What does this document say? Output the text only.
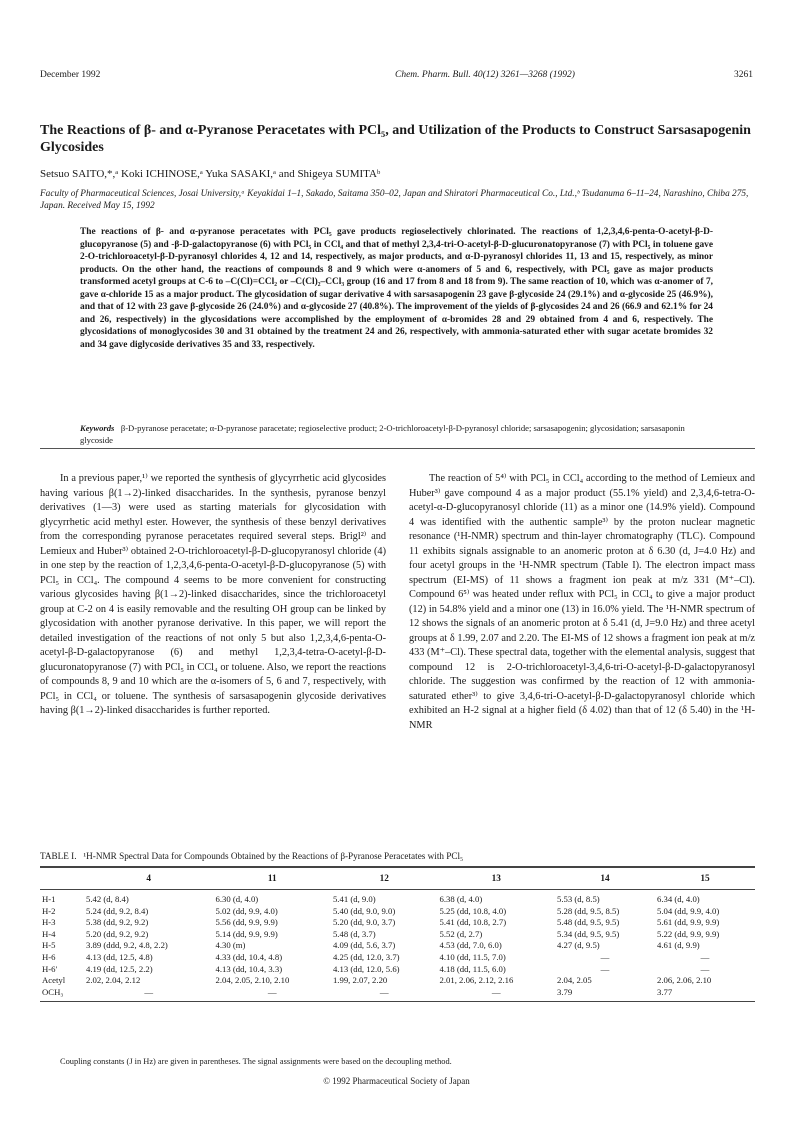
December 1992	Chem. Pharm. Bull. 40(12) 3261—3268 (1992)	3261
The Reactions of β- and α-Pyranose Peracetates with PCl₅, and Utilization of the Products to Construct Sarsasapogenin Glycosides
Setsuo SAITO,*,ᵃ Koki ICHINOSE,ᵃ Yuka SASAKI,ᵃ and Shigeya SUMITAᵇ
Faculty of Pharmaceutical Sciences, Josai University,ᵃ Keyakidai 1–1, Sakado, Saitama 350–02, Japan and Shiratori Pharmaceutical Co., Ltd.,ᵇ Tsudanuma 6–11–24, Narashino, Chiba 275, Japan. Received May 15, 1992
The reactions of β- and α-pyranose peracetates with PCl₅ gave products regioselectively chlorinated. The reactions of 1,2,3,4,6-penta-O-acetyl-β-D-glucopyranose (5) and -β-D-galactopyranose (6) with PCl₅ in CCl₄ and that of methyl 2,3,4-tri-O-acetyl-β-D-glucuronatopyranose (7) with PCl₅ in toluene gave 2-O-trichloroacetyl-β-D-pyranosyl chlorides 4, 12 and 14, respectively, as major products, and α-D-pyranosyl chlorides 11, 13 and 15, respectively, as minor products. On the other hand, the reactions of compounds 8 and 9 which were α-anomers of 5 and 6, respectively, with PCl₅ gave as major products transformed acetyl groups at C-6 to –C(Cl)=CCl₂ or –C(Cl)₂–CCl₃ group (16 and 17 from 8 and 18 from 9). The same reaction of 10, which was α-anomer of 7, gave α-chloride 15 as a major product. The glycosidation of sugar derivative 4 with sarsasapogenin 23 gave β-glycoside 24 (29.1%) and α-glycoside 25 (46.9%), and that of 12 with 23 gave β-glycoside 26 (24.0%) and α-glycoside 27 (40.8%). The improvement of the yields of β-glycosides 24 and 26 (66.9 and 62.1% for 24 and 26, respectively) in the glycosidations were accomplished by the employment of α-bromides 28 and 29 obtained from 4 and 6, respectively. The glycosidations of monoglycosides 30 and 31 obtained by the treatment 24 and 26, respectively, with ammonia-saturated ether with sugar acetate bromides 32 and 34 gave diglycoside derivatives 35 and 33, respectively.
Keywords β-D-pyranose peracetate; α-D-pyranose paracetate; regioselective product; 2-O-trichloroacetyl-β-D-pyranosyl chloride; sarsasapogenin; glycosidation; sarsasaponin glycoside

In a previous paper,¹⁾ we reported the synthesis of glycyrrhetic acid glycosides having various β(1→2)-linked disaccharides. In the synthesis, pyranose benzyl derivatives (1—3) were used as starting materials for glycosidation with glycyrrhetic acid methyl ester. However, the synthesis of these benzyl derivatives from the corresponding pyranose peracetates required several steps. Brigl²⁾ and Lemieux and Huber³⁾ obtained 2-O-trichloroacetyl-β-D-glucopyranosyl chloride (4) in one step by the reaction of 1,2,3,4,6-penta-O-acetyl-β-D-glucopyranose (5) with PCl₅ in CCl₄. The compound 4 seems to be more convenient for constructing various glycosides having β(1→2)-linked disaccharides, since the trichloroacetyl group at C-2 on 4 is easily removable and the resulting OH group can be linked by glycosidation with another pyranose derivative. In this paper, we will report the detailed investigation of the reactions of not only 5 but also 1,2,3,4,6-penta-O-acetyl-β-D-galactopyranose (6) and methyl 1,2,3,4-tetra-O-acetyl-β-D-glucuronatopyranose (7) with PCl₅ in CCl₄ or toluene. Also, we report the reactions of compounds 8, 9 and 10 which are the α-isomers of 5, 6 and 7, respectively, with PCl₅ in CCl₄ or toluene. The synthesis of sarsasapogenin glycoside derivatives having β(1→2)-linked disaccharides is further reported.

The reaction of 5⁴⁾ with PCl₅ in CCl₄ according to the method of Lemieux and Huber³⁾ gave compound 4 as a major product (55.1% yield) and 2,3,4,6-tetra-O-acetyl-α-D-glucopyranosyl chloride (11) as a minor one (14.9% yield). Compound 4 was identified with the authentic sample³⁾ by the proton nuclear magnetic resonance (¹H-NMR) spectrum and thin-layer chromatography (TLC). Compound 11 exhibits signals assignable to an anomeric proton at δ 6.30 (d, J=4.0 Hz) and four acetyl groups in the ¹H-NMR spectrum (Table I). The electron impact mass spectrum (EI-MS) of 11 shows a fragment ion peak at m/z 331 (M⁺–Cl). Compound 6⁵⁾ was heated under reflux with PCl₅ in CCl₄ to give a major product (12) in 54.8% yield and a minor one (13) in 16.0% yield. The ¹H-NMR spectrum of 12 shows the signals of an anomeric proton at δ 5.41 (d, J=9.0 Hz) and three acetyl groups at δ 1.99, 2.07 and 2.20. The EI-MS of 12 shows a fragment ion peak at m/z 433 (M⁺–Cl). These spectral data, together with the elemental analysis, suggest that compound 12 is 2-O-trichloroacetyl-3,4,6-tri-O-acetyl-β-D-galactopyranosyl chloride. The suggestion was confirmed by the reaction of 12 with ammonia-saturated ether³⁾ to give 3,4,6-tri-O-acetyl-β-D-galactopyranosyl chloride which exhibited an H-2 signal at a higher field (δ 4.02) than that of 12 (δ 5.40) in the ¹H-NMR

TABLE I. ¹H-NMR Spectral Data for Compounds Obtained by the Reactions of β-Pyranose Peracetates with PCl₅
	4	11	12	13	14	15
H-1	5.42 (d, 8.4)	6.30 (d, 4.0)	5.41 (d, 9.0)	6.38 (d, 4.0)	5.53 (d, 8.5)	6.34 (d, 4.0)
H-2	5.24 (dd, 9.2, 8.4)	5.02 (dd, 9.9, 4.0)	5.40 (dd, 9.0, 9.0)	5.25 (dd, 10.8, 4.0)	5.28 (dd, 9.5, 8.5)	5.04 (dd, 9.9, 4.0)
H-3	5.38 (dd, 9.2, 9.2)	5.56 (dd, 9.9, 9.9)	5.20 (dd, 9.0, 3.7)	5.41 (dd, 10.8, 2.7)	5.48 (dd, 9.5, 9.5)	5.61 (dd, 9.9, 9.9)
H-4	5.20 (dd, 9.2, 9.2)	5.14 (dd, 9.9, 9.9)	5.48 (d, 3.7)	5.52 (d, 2.7)	5.34 (dd, 9.5, 9.5)	5.22 (dd, 9.9, 9.9)
H-5	3.89 (ddd, 9.2, 4.8, 2.2)	4.30 (m)	4.09 (dd, 5.6, 3.7)	4.53 (dd, 7.0, 6.0)	4.27 (d, 9.5)	4.61 (d, 9.9)
H-6	4.13 (dd, 12.5, 4.8)	4.33 (dd, 10.4, 4.8)	4.25 (dd, 12.0, 3.7)	4.10 (dd, 11.5, 7.0)	—	—
H-6′	4.19 (dd, 12.5, 2.2)	4.13 (dd, 10.4, 3.3)	4.13 (dd, 12.0, 5.6)	4.18 (dd, 11.5, 6.0)	—	—
Acetyl	2.02, 2.04, 2.12	2.04, 2.05, 2.10, 2.10	1.99, 2.07, 2.20	2.01, 2.06, 2.12, 2.16	2.04, 2.05	2.06, 2.06, 2.10
OCH₃	—	—	—	—	3.79	3.77
Coupling constants (J in Hz) are given in parentheses. The signal assignments were based on the decoupling method.
© 1992 Pharmaceutical Society of Japan
